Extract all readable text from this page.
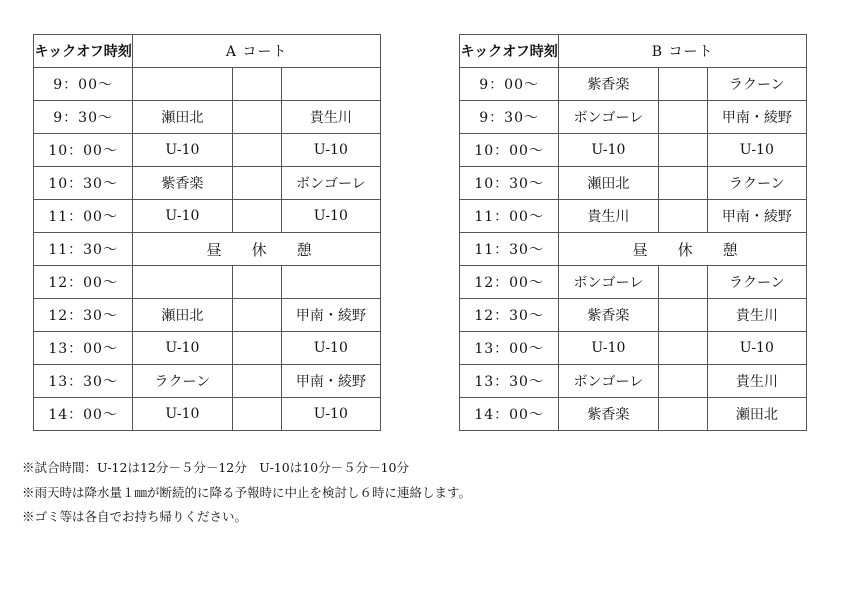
キックオフ時刻	A コート		
9：00～			
9：30～	瀬田北		貴生川
10：00～	U-10		U-10
10：30～	紫香楽		ボンゴーレ
11：00～	U-10		U-10
11：30～	昼休憩		
12：00～			
12：30～	瀬田北		甲南・綾野
13：00～	U-10		U-10
13：30～	ラクーン		甲南・綾野
14：00～	U-10		U-10
キックオフ時刻	B コート		
9：00～	紫香楽		ラクーン
9：30～	ボンゴーレ		甲南・綾野
10：00～	U-10		U-10
10：30～	瀬田北		ラクーン
11：00～	貴生川		甲南・綾野
11：30～	昼休憩		
12：00～	ボンゴーレ		ラクーン
12：30～	紫香楽		貴生川
13：00～	U-10		U-10
13：30～	ボンゴーレ		貴生川
14：00～	紫香楽		瀬田北
※試合時間：U-12は12分－５分－12分　U-10は10分－５分－10分
※雨天時は降水量１㎜が断続的に降る予報時に中止を検討し６時に連絡します。
※ゴミ等は各自でお持ち帰りください。
